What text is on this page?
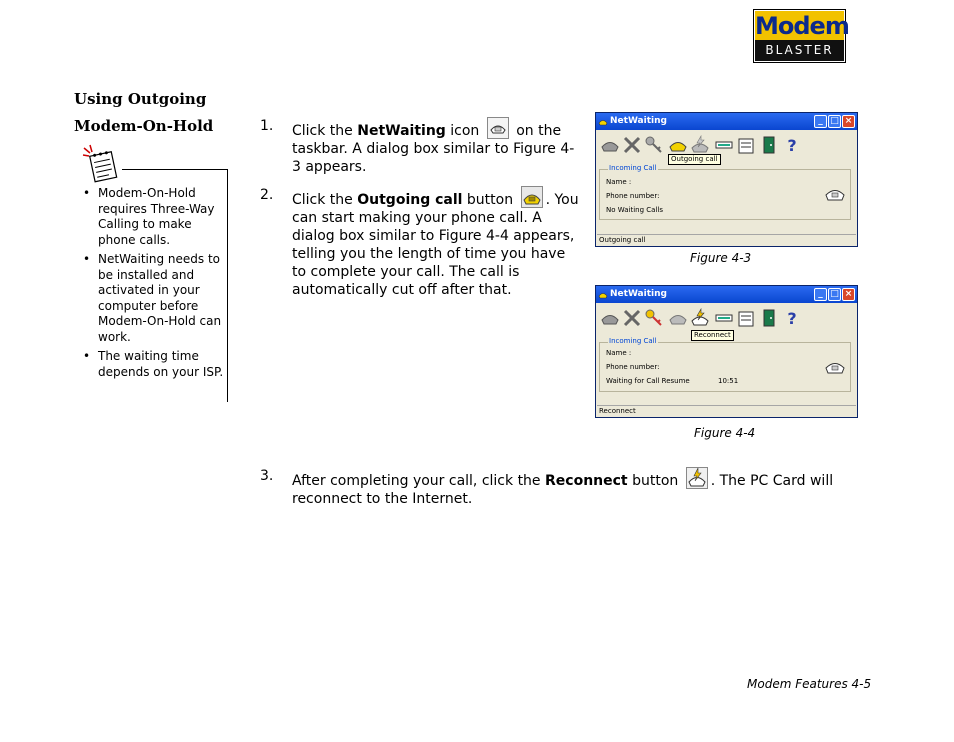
Modem
BLASTER
Using Outgoing Modem-On-Hold
• Modem-On-Hold requires Three-Way Calling to make phone calls.
• NetWaiting needs to be installed and activated in your computer before Modem-On-Hold can work.
• The waiting time depends on your ISP.
1. Click the NetWaiting icon  on the taskbar. A dialog box similar to Figure 4-3 appears.
2. Click the Outgoing call button . You can start making your phone call. A dialog box similar to Figure 4-4 appears, telling you the length of time you have to complete your call. The call is automatically cut off after that.
3. After completing your call, click the Reconnect button . The PC Card will reconnect to the Internet.
NetWaiting	_ □ ×
?
Outgoing call
Incoming Call
Name :
Phone number:
No Waiting Calls
Outgoing call
Figure 4-3
NetWaiting	_ □ ×
?
Reconnect
Incoming Call
Name :
Phone number:
Waiting for Call Resume	10:51
Reconnect
Figure 4-4
Modem Features 4-5
